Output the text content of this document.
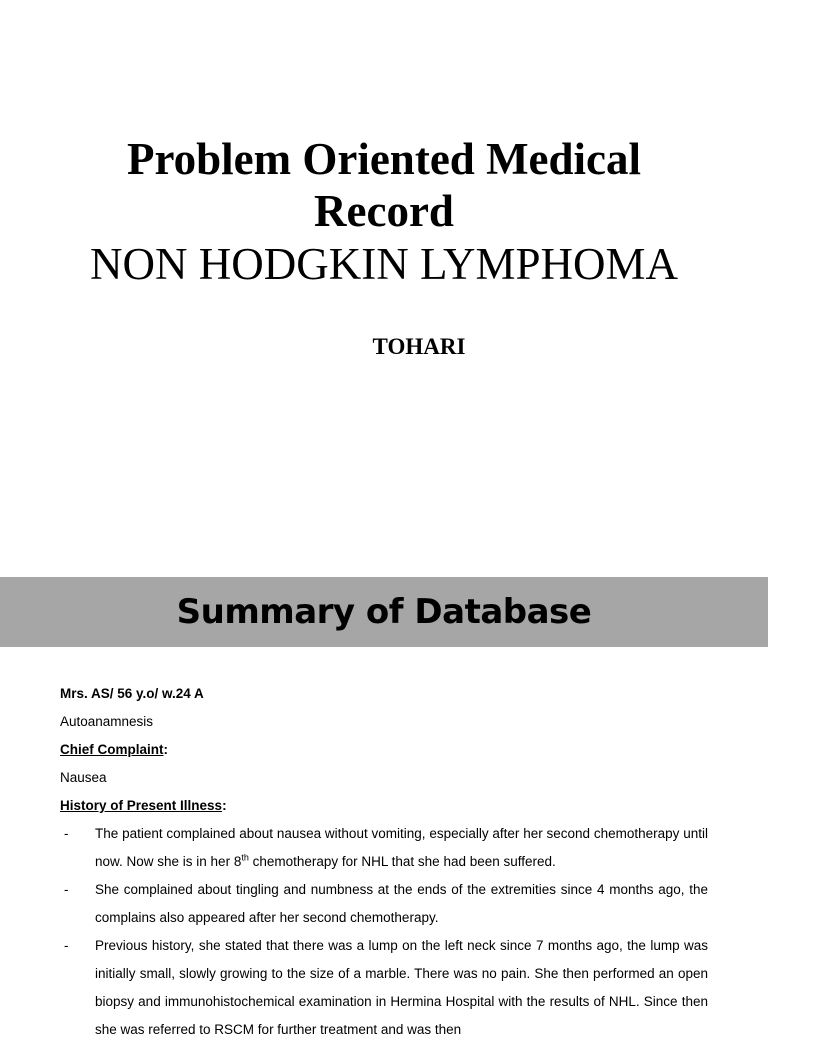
Problem Oriented Medical
Record
NON HODGKIN LYMPHOMA
TOHARI
Summary of Database
Mrs. AS/ 56 y.o/ w.24 A
Autoanamnesis
Chief Complaint:
Nausea
History of Present Illness:
- The patient complained about nausea without vomiting, especially after her second chemotherapy until now. Now she is in her 8th chemotherapy for NHL that she had been suffered.
- She complained about tingling and numbness at the ends of the extremities since 4 months ago, the complains also appeared after her second chemotherapy.
- Previous history, she stated that there was a lump on the left neck since 7 months ago, the lump was initially small, slowly growing to the size of a marble. There was no pain. She then performed an open biopsy and immunohistochemical examination in Hermina Hospital with the results of NHL. Since then she was referred to RSCM for further treatment and was then
